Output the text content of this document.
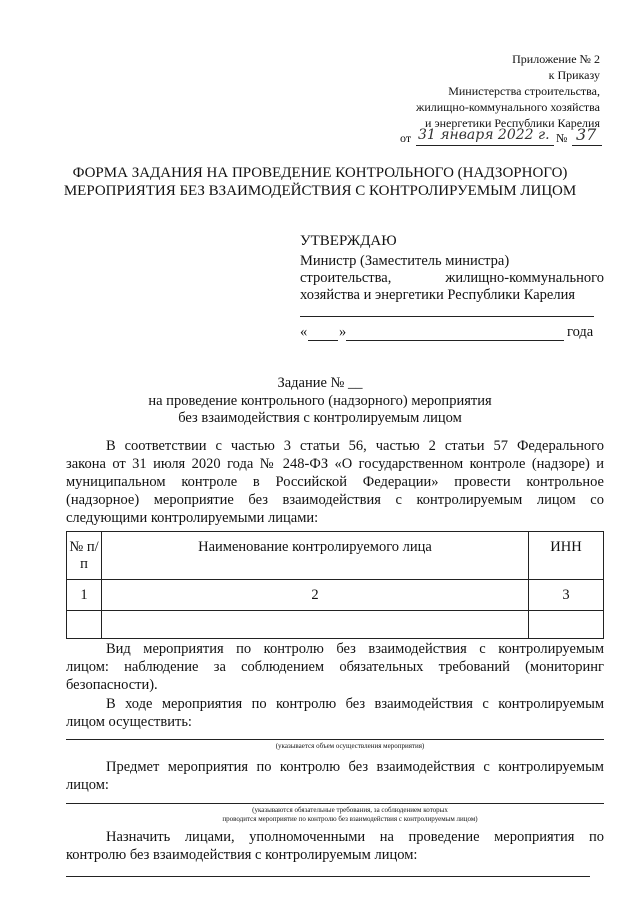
Приложение № 2
к Приказу
Министерства строительства,
жилищно-коммунального хозяйства
и энергетики Республики Карелия
от 31 января 2022 г. № 37
ФОРМА ЗАДАНИЯ НА ПРОВЕДЕНИЕ КОНТРОЛЬНОГО (НАДЗОРНОГО)
МЕРОПРИЯТИЯ БЕЗ ВЗАИМОДЕЙСТВИЯ С КОНТРОЛИРУЕМЫМ ЛИЦОМ
УТВЕРЖДАЮ
Министр (Заместитель министра)
строительства,	жилищно-коммунального
хозяйства и энергетики Республики Карелия
« »	года
Задание № __
на проведение контрольного (надзорного) мероприятия
без взаимодействия с контролируемым лицом
В соответствии с частью 3 статьи 56, частью 2 статьи 57 Федерального
закона от 31 июля 2020 года № 248-ФЗ «О государственном контроле (надзоре) и
муниципальном контроле в Российской Федерации» провести контрольное
(надзорное) мероприятие без взаимодействия с контролируемым лицом со
следующими контролируемыми лицами:
№ п/п	Наименование контролируемого лица	ИНН
1	2	3

Вид мероприятия по контролю без взаимодействия с контролируемым
лицом: наблюдение за соблюдением обязательных требований (мониторинг
безопасности).
В ходе мероприятия по контролю без взаимодействия с контролируемым
лицом осуществить:
(указывается объем осуществления мероприятия)
Предмет мероприятия по контролю без взаимодействия с контролируемым
лицом:
(указываются обязательные требования, за соблюдением которых
проводится мероприятие по контролю без взаимодействия с контролируемым лицом)
Назначить лицами, уполномоченными на проведение мероприятия по
контролю без взаимодействия с контролируемым лицом:
